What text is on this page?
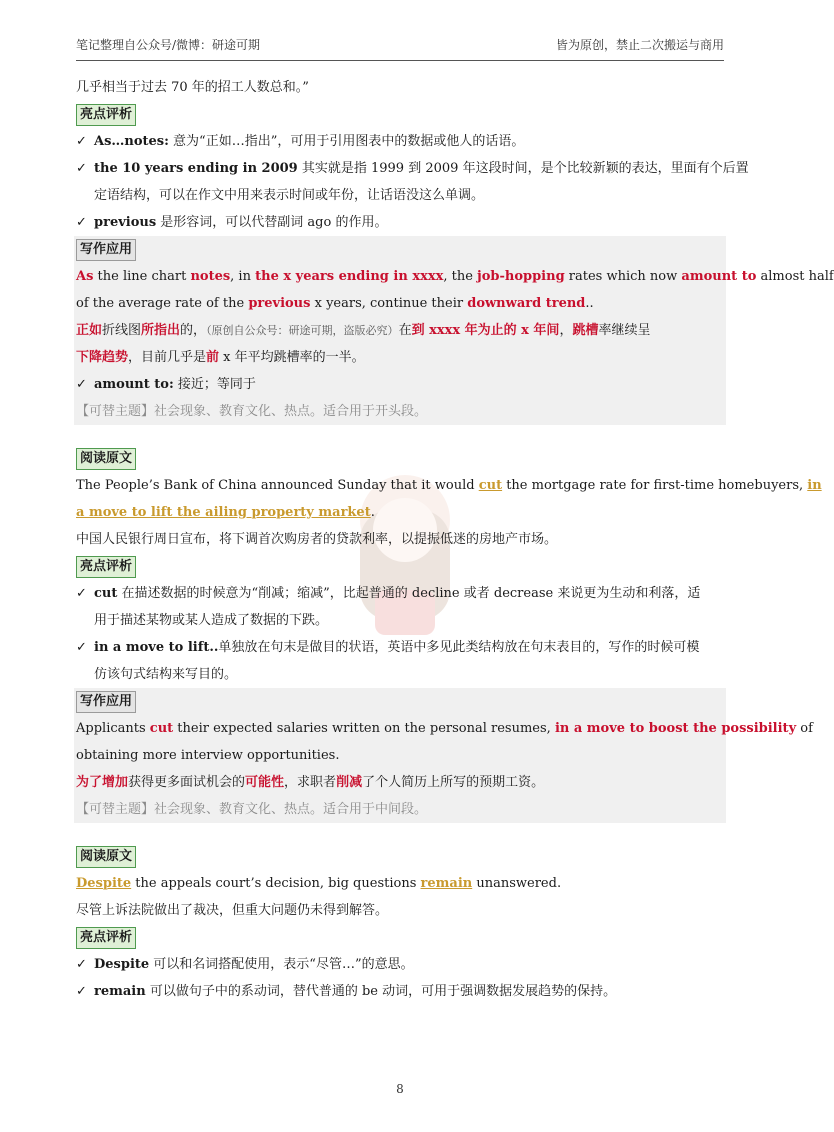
笔记整理自公众号/微博：研途可期	皆为原创，禁止二次搬运与商用
几乎相当于过去 70 年的招工人数总和。”
亮点评析
✓ As…notes: 意为“正如…指出”，可用于引用图表中的数据或他人的话语。
✓ the 10 years ending in 2009 其实就是指 1999 到 2009 年这段时间，是个比较新颖的表达，里面有个后置
定语结构，可以在作文中用来表示时间或年份，让话语没这么单调。
✓ previous 是形容词，可以代替副词 ago 的作用。
写作应用
As the line chart notes, in the x years ending in xxxx, the job-hopping rates which now amount to almost half
of the average rate of the previous x years, continue their downward trend..
正如折线图所指出的，（原创自公众号：研途可期，盗版必究）在到 xxxx 年为止的 x 年间，跳槽率继续呈
下降趋势，目前几乎是前 x 年平均跳槽率的一半。
✓ amount to: 接近；等同于
【可替主题】社会现象、教育文化、热点。适合用于开头段。
阅读原文
The People’s Bank of China announced Sunday that it would cut the mortgage rate for first-time homebuyers, in
a move to lift the ailing property market.
中国人民银行周日宣布，将下调首次购房者的贷款利率，以提振低迷的房地产市场。
亮点评析
✓ cut 在描述数据的时候意为“削减；缩减”，比起普通的 decline 或者 decrease 来说更为生动和利落，适
用于描述某物或某人造成了数据的下跌。
✓ in a move to lift..单独放在句末是做目的状语，英语中多见此类结构放在句末表目的，写作的时候可模
仿该句式结构来写目的。
写作应用
Applicants cut their expected salaries written on the personal resumes, in a move to boost the possibility of
obtaining more interview opportunities.
为了增加获得更多面试机会的可能性，求职者削减了个人简历上所写的预期工资。
【可替主题】社会现象、教育文化、热点。适合用于中间段。
阅读原文
Despite the appeals court’s decision, big questions remain unanswered.
尽管上诉法院做出了裁决，但重大问题仍未得到解答。
亮点评析
✓ Despite 可以和名词搭配使用，表示“尽管…”的意思。
✓ remain 可以做句子中的系动词，替代普通的 be 动词，可用于强调数据发展趋势的保持。
8
